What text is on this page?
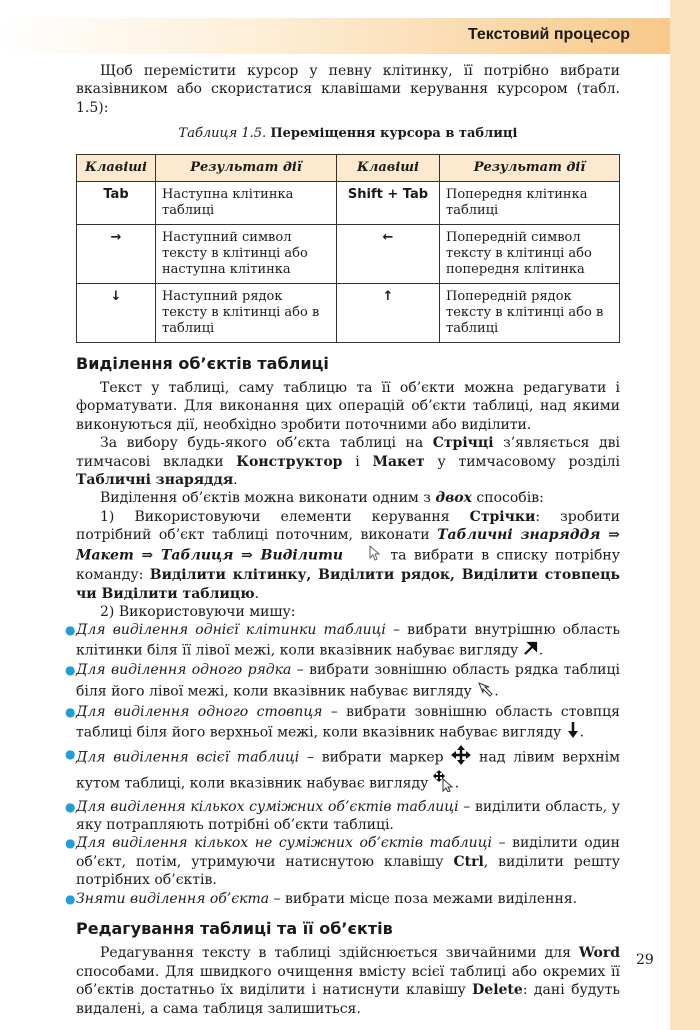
Текстовий процесор

Щоб перемістити курсор у певну клітинку, її потрібно вибрати вказівником або скористатися клавішами керування курсором (табл. 1.5):

Таблиця 1.5. Переміщення курсора в таблиці
Клавіші	Результат дії	Клавіші	Результат дії
Tab	Наступна клітинка таблиці	Shift + Tab	Попередня клітинка таблиці
→	Наступний символ тексту в клітинці або наступна клітинка	←	Попередній символ тексту в клітинці або попередня клітинка
↓	Наступний рядок тексту в клітинці або в таблиці	↑	Попередній рядок тексту в клітинці або в таблиці
Виділення об’єктів таблиці

Текст у таблиці, саму таблицю та її об’єкти можна редагувати і форматувати. Для виконання цих операцій об’єкти таблиці, над якими виконуються дії, необхідно зробити поточними або виділити.

За вибору будь-якого об’єкта таблиці на Стрічці з’являється дві тимчасові вкладки Конструктор і Макет у тимчасовому розділі Табличні знаряддя.

Виділення об’єктів можна виконати одним з двох способів:

1) Використовуючи елементи керування Стрічки: зробити потрібний об’єкт таблиці поточним, виконати Табличні знаряддя ⇒ Макет ⇒ Таблиця ⇒ Виділити	та вибрати в списку потрібну команду: Виділити клітинку, Виділити рядок, Виділити стовпець чи Виділити таблицю.

2) Використовуючи мишу:

● Для виділення однієї клітинки таблиці – вибрати внутрішню область клітинки біля її лівої межі, коли вказівник набуває вигляду .
● Для виділення одного рядка – вибрати зовнішню область рядка таблиці біля його лівої межі, коли вказівник набуває вигляду .
● Для виділення одного стовпця – вибрати зовнішню область стовпця таблиці біля його верхньої межі, коли вказівник набуває вигляду .
● Для виділення всієї таблиці – вибрати маркер  над лівим верхнім кутом таблиці, коли вказівник набуває вигляду .
● Для виділення кількох суміжних об’єктів таблиці – виділити область, у яку потрапляють потрібні об’єкти таблиці.
● Для виділення кількох не суміжних об’єктів таблиці – виділити один об’єкт, потім, утримуючи натиснутою клавішу Ctrl, виділити решту потрібних об’єктів.
● Зняти виділення об’єкта – вибрати місце поза межами виділення.
Редагування таблиці та її об’єктів

Редагування тексту в таблиці здійснюється звичайними для Word способами. Для швидкого очищення вмісту всієї таблиці або окремих її об’єктів достатньо їх виділити і натиснути клавішу Delete: дані будуть видалені, а сама таблиця залишиться.

29
